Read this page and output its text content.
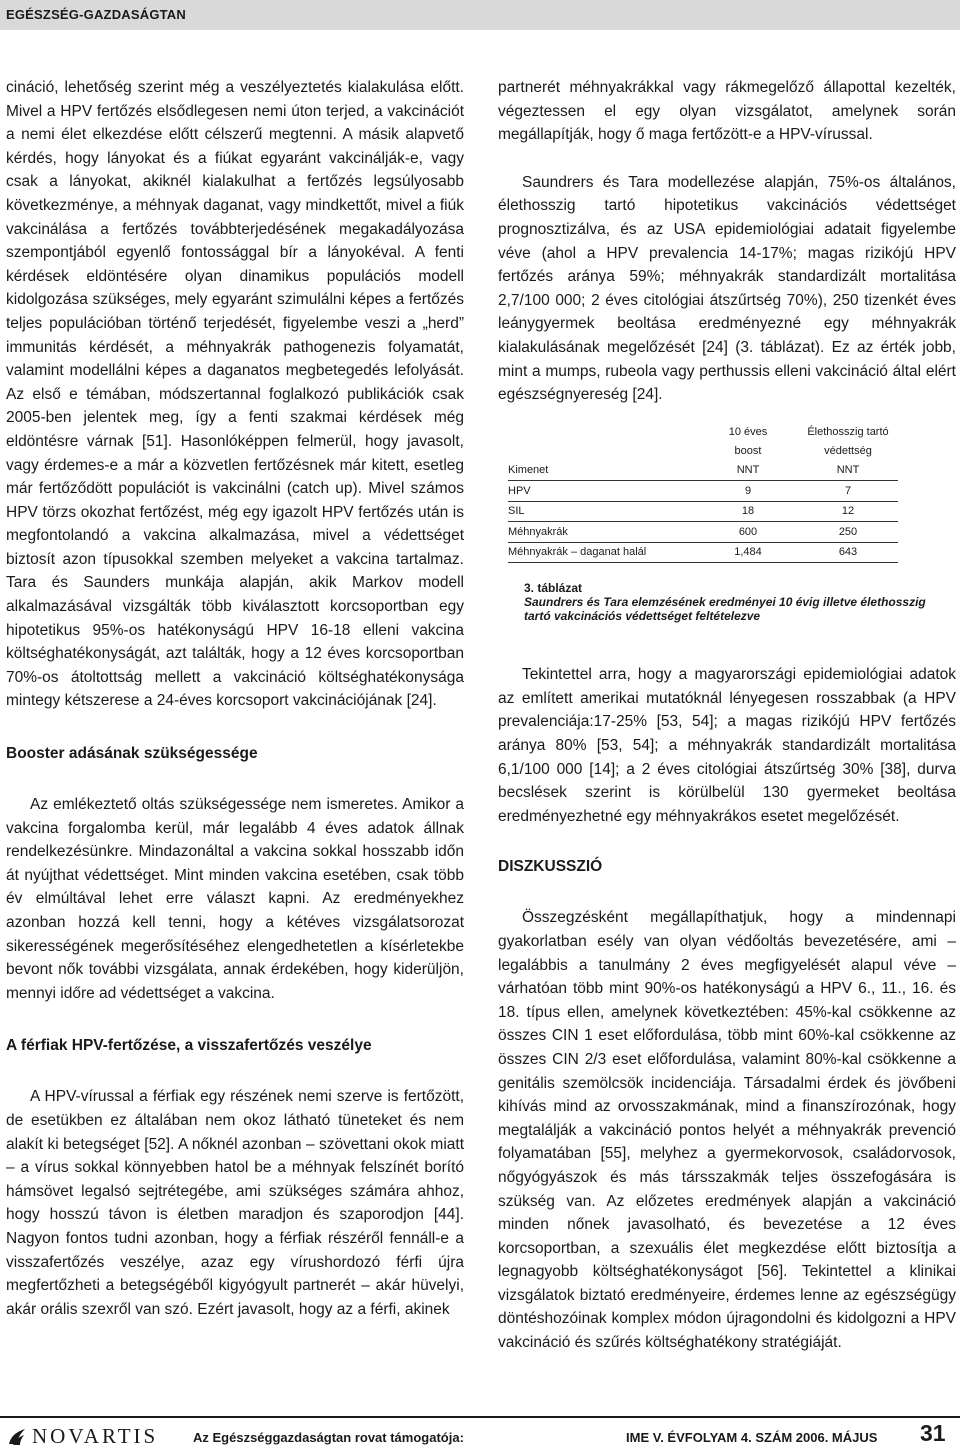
EGÉSZSÉG-GAZDASÁGTAN

cináció, lehetőség szerint még a veszélyeztetés kialakulása előtt. Mivel a HPV fertőzés elsődlegesen nemi úton terjed, a vakcinációt a nemi élet elkezdése előtt célszerű megtenni. A másik alapvető kérdés, hogy lányokat és a fiúkat egyaránt vakcinálják-e, vagy csak a lányokat, akiknél kialakulhat a fertőzés legsúlyosabb következménye, a méhnyak daganat, vagy mindkettőt, mivel a fiúk vakcinálása a fertőzés továbbterjedésének megakadályozása szempontjából egyenlő fontossággal bír a lányokéval. A fenti kérdések eldöntésére olyan dinamikus populációs modell kidolgozása szükséges, mely egyaránt szimulálni képes a fertőzés teljes populációban történő terjedését, figyelembe veszi a „herd” immunitás kérdését, a méhnyakrák pathogenezis folyamatát, valamint modellálni képes a daganatos megbetegedés lefolyását. Az első e témában, módszertannal foglalkozó publikációk csak 2005-ben jelentek meg, így a fenti szakmai kérdések még eldöntésre várnak [51]. Hasonlóképpen felmerül, hogy javasolt, vagy érdemes-e a már a közvetlen fertőzésnek már kitett, esetleg már fertőződött populációt is vakcinálni (catch up). Mivel számos HPV törzs okozhat fertőzést, még egy igazolt HPV fertőzés után is megfontolandó a vakcina alkalmazása, mivel a védettséget biztosít azon típusokkal szemben melyeket a vakcina tartalmaz. Tara és Saunders munkája alapján, akik Markov modell alkalmazásával vizsgálták több kiválasztott korcsoportban egy hipotetikus 95%-os hatékonyságú HPV 16-18 elleni vakcina költséghatékonyságát, azt találták, hogy a 12 éves korcsoportban 70%-os átoltottság mellett a vakcináció költséghatékonysága mintegy kétszerese a 24-éves korcsoport vakcinációjának [24].

Booster adásának szükségessége

Az emlékeztető oltás szükségessége nem ismeretes. Amikor a vakcina forgalomba kerül, már legalább 4 éves adatok állnak rendelkezésünkre. Mindazonáltal a vakcina sokkal hosszabb időn át nyújthat védettséget. Mint minden vakcina esetében, csak több év elmúltával lehet erre választ kapni. Az eredményekhez azonban hozzá kell tenni, hogy a kétéves vizsgálatsorozat sikerességének megerősítéséhez elengedhetetlen a kísérletekbe bevont nők további vizsgálata, annak érdekében, hogy kiderüljön, mennyi időre ad védettséget a vakcina.

A férfiak HPV-fertőzése, a visszafertőzés veszélye

A HPV-vírussal a férfiak egy részének nemi szerve is fertőzött, de esetükben ez általában nem okoz látható tüneteket és nem alakít ki betegséget [52]. A nőknél azonban – szövettani okok miatt – a vírus sokkal könnyebben hatol be a méhnyak felszínét borító hámsövet legalsó sejtrétegébe, ami szükséges számára ahhoz, hogy hosszú távon is életben maradjon és szaporodjon [44]. Nagyon fontos tudni azonban, hogy a férfiak részéről fennáll-e a visszafertőzés veszélye, azaz egy vírushordozó férfi újra megfertőzheti a betegségéből kigyógyult partnerét – akár hüvelyi, akár orális szexről van szó. Ezért javasolt, hogy az a férfi, akinek

partnerét méhnyakrákkal vagy rákmegelőző állapottal kezelték, végeztessen el egy olyan vizsgálatot, amelynek során megállapítják, hogy ő maga fertőzött-e a HPV-vírussal.

Saundrers és Tara modellezése alapján, 75%-os általános, élethosszig tartó hipotetikus vakcinációs védettséget prognosztizálva, és az USA epidemiológiai adatait figyelembe véve (ahol a HPV prevalencia 14-17%; magas rizikójú HPV fertőzés aránya 59%; méhnyakrák standardizált mortalitása 2,7/100 000; 2 éves citológiai átszűrtség 70%), 250 tizenkét éves leánygyermek beoltása eredményezné egy méhnyakrák kialakulásának megelőzését [24] (3. táblázat). Ez az érték jobb, mint a mumps, rubeola vagy perthussis elleni vakcináció által elért egészségnyereség [24].

	10 éves	Élethosszig tartó
	boost	védettség
Kimenet	NNT	NNT
HPV	9	7
SIL	18	12
Méhnyakrák	600	250
Méhnyakrák – daganat halál	1,484	643

3. táblázat

Saundrers és Tara elemzésének eredményei 10 évig illetve élethosszig tartó vakcinációs védettséget feltételezve

Tekintettel arra, hogy a magyarországi epidemiológiai adatok az említett amerikai mutatóknál lényegesen rosszabbak (a HPV prevalenciája:17-25% [53, 54]; a magas rizikójú HPV fertőzés aránya 80% [53, 54]; a méhnyakrák standardizált mortalitása 6,1/100 000 [14]; a 2 éves citológiai átszűrtség 30% [38], durva becslések szerint is körülbelül 130 gyermeket beoltása eredményezhetné egy méhnyakrákos esetet megelőzését.

DISZKUSSZIÓ

Összegzésként megállapíthatjuk, hogy a mindennapi gyakorlatban esély van olyan védőoltás bevezetésére, ami – legalábbis a tanulmány 2 éves megfigyelését alapul véve – várhatóan több mint 90%-os hatékonyságú a HPV 6., 11., 16. és 18. típus ellen, amelynek következtében: 45%-kal csökkenne az összes CIN 1 eset előfordulása, több mint 60%-kal csökkenne az összes CIN 2/3 eset előfordulása, valamint 80%-kal csökkenne a genitális szemölcsök incidenciája. Társadalmi érdek és jövőbeni kihívás mind az orvosszakmának, mind a finanszírozónak, hogy megtalálják a vakcináció pontos helyét a méhnyakrák prevenció folyamatában [55], melyhez a gyermekorvosok, családorvosok, nőgyógyászok és más társszakmák teljes összefogására is szükség van. Az előzetes eredmények alapján a vakcináció minden nőnek javasolható, és bevezetése a 12 éves korcsoportban, a szexuális élet megkezdése előtt biztosítja a legnagyobb költséghatékonyságot [56]. Tekintettel a klinikai vizsgálatok biztató eredményeire, érdemes lenne az egészségügy döntéshozóinak komplex módon újragondolni és kidolgozni a HPV vakcináció és szűrés költséghatékony stratégiáját.

NOVARTIS	Az Egészséggazdaságtan rovat támogatója:	IME V. ÉVFOLYAM 4. SZÁM 2006. MÁJUS 31
